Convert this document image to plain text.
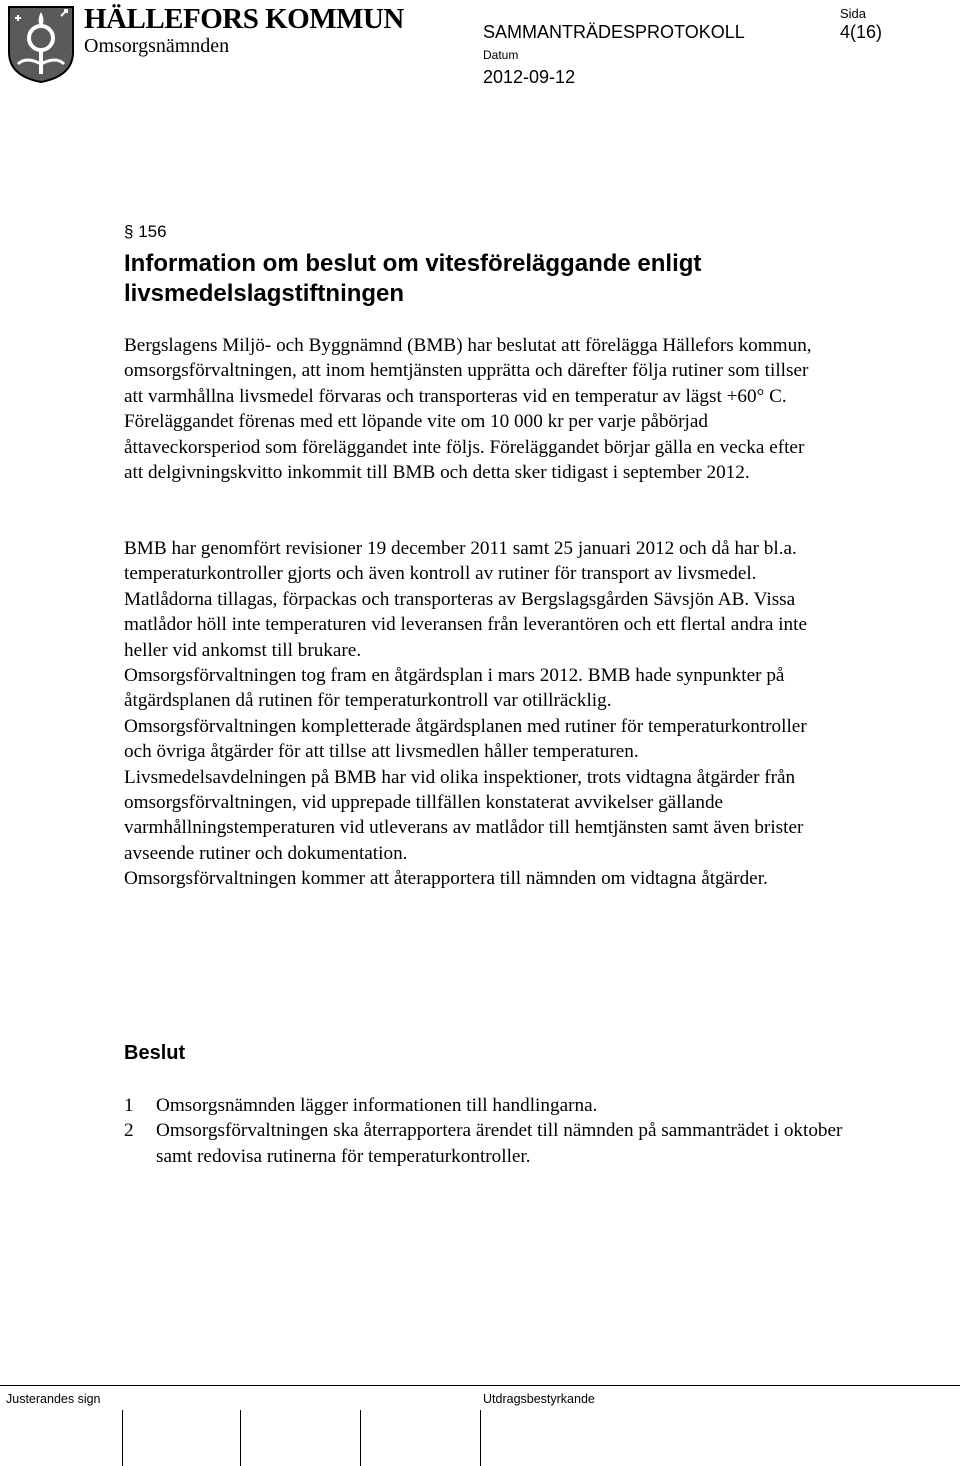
HÄLLEFORS KOMMUN
Omsorgsnämnden
SAMMANTRÄDESPROTOKOLL
Sida
4(16)
Datum
2012-09-12
§ 156
Information om beslut om vitesföreläggande enligt livsmedelslagstiftningen

Bergslagens Miljö- och Byggnämnd (BMB) har beslutat att förelägga Hällefors kommun, omsorgsförvaltningen, att inom hemtjänsten upprätta och därefter följa rutiner som tillser att varmhållna livsmedel förvaras och transporteras vid en temperatur av lägst +60° C. Föreläggandet förenas med ett löpande vite om 10 000 kr per varje påbörjad åttaveckorsperiod som föreläggandet inte följs. Föreläggandet börjar gälla en vecka efter att delgivningskvitto inkommit till BMB och detta sker tidigast i september 2012.

BMB har genomfört revisioner 19 december 2011 samt 25 januari 2012 och då har bl.a. temperaturkontroller gjorts och även kontroll av rutiner för transport av livsmedel. Matlådorna tillagas, förpackas och transporteras av Bergslagsgården Sävsjön AB. Vissa matlådor höll inte temperaturen vid leveransen från leverantören och ett flertal andra inte heller vid ankomst till brukare.

Omsorgsförvaltningen tog fram en åtgärdsplan i mars 2012. BMB hade synpunkter på åtgärdsplanen då rutinen för temperaturkontroll var otillräcklig.

Omsorgsförvaltningen kompletterade åtgärdsplanen med rutiner för temperaturkontroller och övriga åtgärder för att tillse att livsmedlen håller temperaturen.

Livsmedelsavdelningen på BMB har vid olika inspektioner, trots vidtagna åtgärder från omsorgsförvaltningen, vid upprepade tillfällen konstaterat avvikelser gällande varmhållningstemperaturen vid utleverans av matlådor till hemtjänsten samt även brister avseende rutiner och dokumentation.

Omsorgsförvaltningen kommer att återapportera till nämnden om vidtagna åtgärder.

Beslut
1	Omsorgsnämnden lägger informationen till handlingarna.
2	Omsorgsförvaltningen ska återrapportera ärendet till nämnden på sammanträdet i oktober samt redovisa rutinerna för temperaturkontroller.
Justerandes sign	Utdragsbestyrkande
